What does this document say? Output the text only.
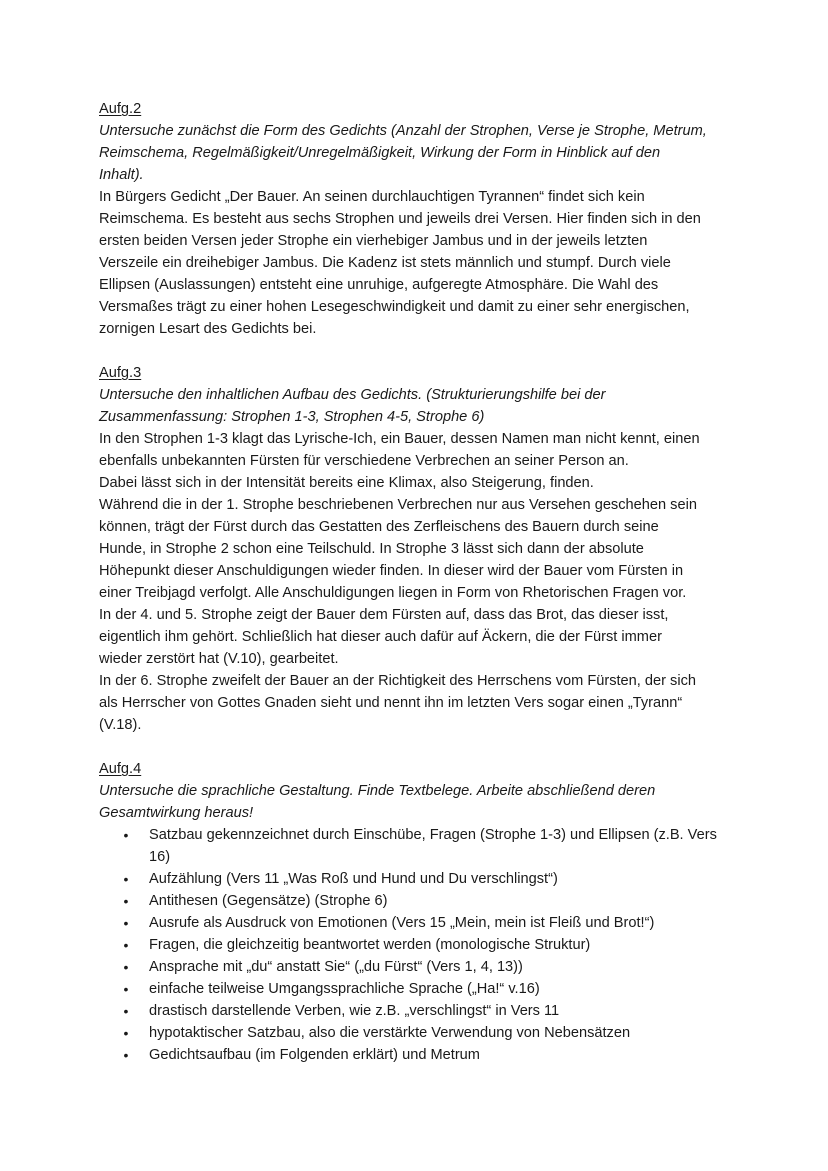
Aufg.2

Untersuche zunächst die Form des Gedichts (Anzahl der Strophen, Verse je Strophe, Metrum,

Reimschema, Regelmäßigkeit/Unregelmäßigkeit, Wirkung der Form in Hinblick auf den

Inhalt).

In Bürgers Gedicht „Der Bauer. An seinen durchlauchtigen Tyrannen“ findet sich kein

Reimschema. Es besteht aus sechs Strophen und jeweils drei Versen. Hier finden sich in den

ersten beiden Versen jeder Strophe ein vierhebiger Jambus und in der jeweils letzten

Verszeile ein dreihebiger Jambus. Die Kadenz ist stets männlich und stumpf. Durch viele

Ellipsen (Auslassungen) entsteht eine unruhige, aufgeregte Atmosphäre. Die Wahl des

Versmaßes trägt zu einer hohen Lesegeschwindigkeit und damit zu einer sehr energischen,

zornigen Lesart des Gedichts bei.

Aufg.3

Untersuche den inhaltlichen Aufbau des Gedichts. (Strukturierungshilfe bei der

Zusammenfassung: Strophen 1-3, Strophen 4-5, Strophe 6)

In den Strophen 1-3 klagt das Lyrische-Ich, ein Bauer, dessen Namen man nicht kennt, einen

ebenfalls unbekannten Fürsten für verschiedene Verbrechen an seiner Person an.

Dabei lässt sich in der Intensität bereits eine Klimax, also Steigerung, finden.

Während die in der 1. Strophe beschriebenen Verbrechen nur aus Versehen geschehen sein

können, trägt der Fürst durch das Gestatten des Zerfleischens des Bauern durch seine

Hunde, in Strophe 2 schon eine Teilschuld. In Strophe 3 lässt sich dann der absolute

Höhepunkt dieser Anschuldigungen wieder finden. In dieser wird der Bauer vom Fürsten in

einer Treibjagd verfolgt. Alle Anschuldigungen liegen in Form von Rhetorischen Fragen vor.

In der 4. und 5. Strophe zeigt der Bauer dem Fürsten auf, dass das Brot, das dieser isst,

eigentlich ihm gehört. Schließlich hat dieser auch dafür auf Äckern, die der Fürst immer

wieder zerstört hat (V.10), gearbeitet.

In der 6. Strophe zweifelt der Bauer an der Richtigkeit des Herrschens vom Fürsten, der sich

als Herrscher von Gottes Gnaden sieht und nennt ihn im letzten Vers sogar einen „Tyrann“

(V.18).

Aufg.4

Untersuche die sprachliche Gestaltung. Finde Textbelege. Arbeite abschließend deren

Gesamtwirkung heraus!

• Satzbau gekennzeichnet durch Einschübe, Fragen (Strophe 1-3) und Ellipsen (z.B. Vers 16)
• Aufzählung (Vers 11 „Was Roß und Hund und Du verschlingst“)
• Antithesen (Gegensätze) (Strophe 6)
• Ausrufe als Ausdruck von Emotionen (Vers 15 „Mein, mein ist Fleiß und Brot!“)
• Fragen, die gleichzeitig beantwortet werden (monologische Struktur)
• Ansprache mit „du“ anstatt Sie“ („du Fürst“ (Vers 1, 4, 13))
• einfache teilweise Umgangssprachliche Sprache („Ha!“ v.16)
• drastisch darstellende Verben, wie z.B. „verschlingst“ in Vers 11
• hypotaktischer Satzbau, also die verstärkte Verwendung von Nebensätzen
• Gedichtsaufbau (im Folgenden erklärt) und Metrum
